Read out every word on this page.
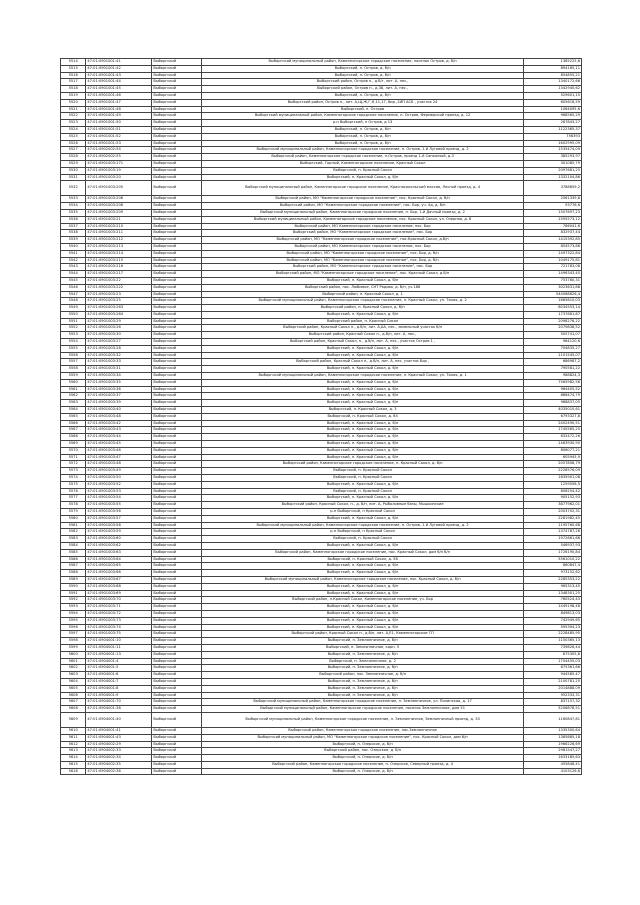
5514	47:01:0901001:41	Выборгский	Выборгский муниципальный район, Каменногорское городское поселение, поселок Остров, д. б/н	1385225,8
5515	47:01:0901001:42	Выборгский	Выборгский, п. Остров, д. б/н	894165,11
5516	47:01:0901001:43	Выборгский	Выборгский, п. Остров, д. б/н	854855,21
5517	47:01:0901001:44	Выборгский	Выборгский район, Остров п., д.б/г, лит. А, пес.,	1340172,66
5518	47:01:0901001:45	Выборгский	Выборгский район, Остров п., д.38, лит. А, пес.,	1342940,62
5519	47:01:0901001:46	Выборгский	Выборгский, п. Остров, д. б/н	529601,15
5520	47:01:0901001:47	Выборгский	Выборгский район, Остров п., лит. А,Щ,Ж,Г,Н,11,17, бир.,1ИП АСБ , участок 24	605616,59
5521	47:01:0901001:48	Выборгский	Выборгский, п. Остров	1064095,6
5522	47:01:0901001:49	Выборгский	Выборгский муниципальный район, Каменногорское городское поселение, п. Остров, Фермерский проезд, д. 12	968565,29
5523	47:01:0901001:50	Выборгский	р-н Выборгский, п Остров, д 13	267843,27
5524	47:01:0901001:51	Выборгский	Выборгский, п. Остров, д. б/н	1122365,37
5525	47:01:0901001:52	Выборгский	Выборгский, п. Остров, д. б/н	756393
5526	47:01:0901001:53	Выборгский	Выборгский, п. Остров, д. б/н	1602995,09
5527	47:01:0902002:54	Выборгский	Выборгский муниципальный район, Каменногорское городское поселение, п. Остров, 1-й Луговой проезд, д. 2	1535474,09
5528	47:01:0902002:55	Выборгский	Выборгский район, Каменногорское городское поселение, п.Остров, проезд 1-й Сапожный, д.3	385293,97
5529	47:01:0901003:171	Выборгский	Выборгский, Горный, Каменногорское поселение, Красный Сокол	301085,79
5530	47:01:0901003:19	Выборгский	Выборгский, п. Красный Сокол	2097681,25
5531	47:01:0901003:20	Выборгский	Выборгский, п. Красный Сокол, д. б/н	1332104,86
5532	47:01:0901003:205	Выборгский	Выборгский муниципальный район, Каменногорское городское поселение, Красносокольский массив, Лесной проезд, д. 4	3788859,2
5533	47:01:0901003:206	Выборгский	Выборгский район, МО "Каменногорское городское поселение", пос. Красный Сокол, д. б/н	2561339,8
5534	47:01:0901003:208	Выборгский	Выборгский район, МО "Каменногорское городское поселение", пос. Бор, уч. 4д, д. б/н	93776,6
5535	47:01:0901003:209	Выборгский	Выборгский муниципальный район, Каменногорское городское поселение, п. Бор, 1-й Дачный проезд, д. 2	1507697,23
5536	47:01:0901003:21	Выборгский	Выборгский муниципальный район, Каменногорское городское поселение, пос. Красный Сокол, ул. Озерная, д. 8	1595573,12
5537	47:01:0901003:210	Выборгский	Выборгский район, МО Каменногорское городское поселение, пос. Бор	766041,6
5538	47:01:0901003:211	Выборгский	Выборгский район, МО "Каменногорское городское поселение", пос. Бор	832937,44
5539	47:01:0901003:212	Выборгский	Выборгский район, МО "Каменногорское городское поселение", пос.Красный Сокол, д.б/н	1415392,85
5540	47:01:0901003:213	Выборгский	Выборгский район, МО Каменногорское городское поселение, пос. Бор	854573,86
5541	47:01:0901003:214	Выборгский	Выборгский район, МО "Каменногорское городское поселение", пос. Бор, д. б/н	1497322,84
5542	47:01:0901003:215	Выборгский	Выборгский район, МО "Каменногорское городское поселение", пос. Бор, д. б/н	1049175,81
5543	47:01:0901003:216	Выборгский	Выборгский район, МО "Каменногорское городское поселение", пос. Бор	721783,08
5544	47:01:0901003:217	Выборгский	Выборгский район, МО "Каменногорское городское поселение", пос. Красный Сокол, д.б/н	1496343,45
5545	47:01:0901003:22	Выборгский	Выборгский, п. Красный Сокол, д. б/н	753780,31
5546	47:01:0901003:222	Выборгский	Выборгский район, пос. Любимое, СНТ Радово, д. б/н, уч.186	3023631,88
5547	47:01:0901003:23	Выборгский	Выборгский район, п. Красный Сокол, д. 1	544068826,4
5548	47:01:0901003:25	Выборгский	Выборгский муниципальный район, Каменногорское городское поселение, п. Красный Сокол, ул. Тихая, д. 2	1665810,03
5549	47:01:0901003:263	Выборгский	Выборгский район, п. Красный Сокол, д. б/н	8034553,14
5550	47:01:0901003:264	Выборгский	Выборгский, п. Красный Сокол, д. б/н	1737681,87
5551	47:01:0901003:29	Выборгский	Выборгский район, п. Красный Сокол	2098276,22
5552	47:01:0901003:26	Выборгский	Выборгский район, Красный Сокол п., д.б/н, лит. А,АА, пес., земельный участок б/н	2079838,52
5553	47:01:0901003:30	Выборгский	Выборгский район, Красный Сокол п., д.б/н, лит. А, пес.,	505741,07
5554	47:01:0901003:27	Выборгский	Выборгский район, Красный Сокол, п., д.б/н, лит. А, пес., участок Остров 1 ,	984120,6
5555	47:01:0901003:28	Выборгский	Выборгский, п. Красный Сокол, д. б/н	704835,27
5556	47:01:0901003:32	Выборгский	Выборгский, п. Красный Сокол, д. б/н	1101545,07
5557	47:01:0901003:33	Выборгский	Выборгский район, Красный Сокол п., д.б/н, лит. А, пес, участок Бор ,	686987,2
5558	47:01:0901003:31	Выборгский	Выборгский, п. Красный Сокол, д. б/н	790581,22
5559	47:01:0901003:34	Выборгский	Выборгский муниципальный район, Каменногорское городское поселение, п. Красный Сокол, ул. Тихая, д. 1	988824,3
5560	47:01:0901003:35	Выборгский	Выборгский, п. Красный Сокол, д. б/н	7565982,56
5561	47:01:0901003:36	Выборгский	Выборгский, п. Красный Сокол, д. б/н	964405,52
5562	47:01:0901003:37	Выборгский	Выборгский, п. Красный Сокол, д. б/н	686474,79
5563	47:01:0901003:39	Выборгский	Выборгский, п. Красный Сокол, д. б/н	988837,05
5564	47:01:0901003:40	Выборгский	Выборгский, п. Красный Сокол, д. 3	4035010,61
5565	47:01:0901003:48	Выборгский	Выборгский, п. Красный Сокол, д. 64	6793327,8
5566	47:01:0901003:42	Выборгский	Выборгский, п. Красный Сокол, д. б/н	2402490,51
5567	47:01:0901003:43	Выборгский	Выборгский, п. Красный Сокол, д. б/н	1745585,25
5568	47:01:0901003:44	Выборгский	Выборгский, п. Красный Сокол, д. б/н	632472,26
5569	47:01:0901003:45	Выборгский	Выборгский, п. Красный Сокол, д. б/н	1463930,90
5570	47:01:0901003:46	Выборгский	Выборгский, п. Красный Сокол, д. б/н	806077,21
5571	47:01:0901003:47	Выборгский	Выборгский, п. Красный Сокол, д. б/н	605945,9
5572	47:01:0901003:48	Выборгский	Выборгский район, Каменногорское городское поселение, п. Красный Сокол, д. б/н	2057808,79
5573	47:01:0901003:49	Выборгский	Выборгский, п. Красный Сокол	2228576,09
5574	47:01:0901003:50	Выборгский	Выборгский, п. Красный Сокол	1835901,08
5575	47:01:0901003:52	Выборгский	Выборгский, п. Красный Сокол, д. б/н	1259558,5
5576	47:01:0901003:53	Выборгский	Выборгский, п. Красный Сокол	606254,42
5577	47:01:0901003:54	Выборгский	Выборгский, п. Красный Сокол, д. б/н	905152,93
5578	47:01:0901003:55	Выборгский	Выборгский район, Красный Сокол, п., д. б/н, лит. А, Рыболовные базы, Мышкинские	3877962,01
5579	47:01:0901003:56	Выборгский	р-н Выборгский, п Красный Сокол	2003702,31
5580	47:01:0901003:57	Выборгский	Выборгский, п. Красный Сокол, д. б/н	2281982,45
5581	47:01:0901003:58	Выборгский	Выборгский муниципальный район, Каменногорское городское поселение, п. Остров, 1-й Луговой проезд, д. 2	1195760,68
5582	47:01:0901003:59	Выборгский	р-н Выборгский, п Красный Сокол	1374787,28
5583	47:01:0901003:60	Выборгский	Выборгский, п. Красный Сокол	1972661,66
5584	47:01:0901003:62	Выборгский	Выборгский, п. Красный Сокол, д. б/н	546937,93
5585	47:01:0901003:63	Выборгский	Выборгский район, Каменногорское городское поселение, пос. Красный Сокол, дом б/н б/н	1726190,84
5586	47:01:0901003:64	Выборгский	Выборгский, п. Красный Сокол, д. 58	5561010,22
5587	47:01:0901003:65	Выборгский	Выборгский, п. Красный Сокол, д. б/н	860847,4
5588	47:01:0901003:66	Выборгский	Выборгский, п. Красный Сокол, д. б/н	973152,62
5589	47:01:0901003:67	Выборгский	Выборгский муниципальный район, Каменногорское городское поселение, пос. Красный Сокол, д. б/н	2285353,22
5590	47:01:0901003:68	Выборгский	Выборгский, п. Красный Сокол, д. б/н	965313,45
5591	47:01:0901003:69	Выборгский	Выборгский, п. Красный Сокол, д. б/н	1348301,25
5592	47:01:0901003:70	Выборгский	Выборгский район, п.Красный Сокол, Каменногорское поселение, уч. Бор	760524,43
5593	47:01:0901003:71	Выборгский	Выборгский, п. Красный Сокол, д. б/н	1449198,48
5594	47:01:0901003:72	Выборгский	Выборгский, п. Красный Сокол, д. б/н	849813,03
5595	47:01:0901003:73	Выборгский	Выборгский, п. Красный Сокол, д. б/н	742949,65
5596	47:01:0901003:74	Выборгский	Выборгский, п. Красный Сокол, д. б/н	595394,23
5597	47:01:0901003:75	Выборгский	Выборгский район, Красный Сокол п., д.б/н, лит. А,Е1, Каменногорское ГП	2228485,95
5598	47:01:0904001:10	Выборгский	Выборгский, п. Землянничное, д. б/н	1150365,13
5599	47:01:0904001:11	Выборгский	Выборгский, п. Землянничное, корп. 5	739826,44
5600	47:01:0904001:13	Выборгский	Выборгский, п. Землянничное, д. б/н	875305,8
5601	47:01:0904001:4	Выборгский	Выборгский, п. Землянничное, д. 2	1704455,03
5602	47:01:0904001:5	Выборгский	Выборгский, п. Землянничное, д. б/н	675361,66
5603	47:01:0904001:6	Выборгский	Выборгский район, пос. Землянничное, д. б/н	944585,47
5604	47:01:0904001:7	Выборгский	Выборгский, п. Землянничное, д. б/н	2100781,25
5605	47:01:0904001:8	Выборгский	Выборгский, п. Землянничное, д. б/н	2014888,09
5606	47:01:0904001:9	Выборгский	Выборгский, п. Землянничное, д. б/н	952333,31
5607	47:01:0904001:70	Выборгский	Выборгский муниципальный район, Каменногорское городское поселение, п. Землянничное, ул. Полинская, д. 17	837157,32
5608	47:01:0904001:38	Выборгский	Выборгский муниципальный район, Каменногорское городское поселение, поселок Землянничное, дом 51	5206878,51
5609	47:01:0904001:40	Выборгский	Выборгский муниципальный район, Каменногорское городское поселение, п. Землянничное, Землянничный проезд, д. 33	1160847,81
5610	47:01:0904001:41	Выборгский	Выборгский район, Каменногорское городское поселение, пос.Землянничное	1335300,64
5611	47:01:0904001:43	Выборгский	Выборгский муниципальный район, МО "Каменногорское городское поселение", пос. Красный Сокол, дом б/н	1385885,18
5612	47:01:0904002:29	Выборгский	Выборгский, п. Озерское, д. б/н	1966226,69
5613	47:01:0904002:33	Выборгский	Выборгский район, пос. Озерское, д. б/н	2981547,27
5614	47:01:0904002:34	Выборгский	Выборгский, п. Озерское, д. б/н	1633185,63
5615	47:01:0904002:35	Выборгский	Выборгский район, Каменногорское городское поселение, п. Озерское, Северный проезд, д. 4	455848,41
5616	47:01:0904002:36	Выборгский	Выборгский, п. Озерское, д. б/н	4103126,6
